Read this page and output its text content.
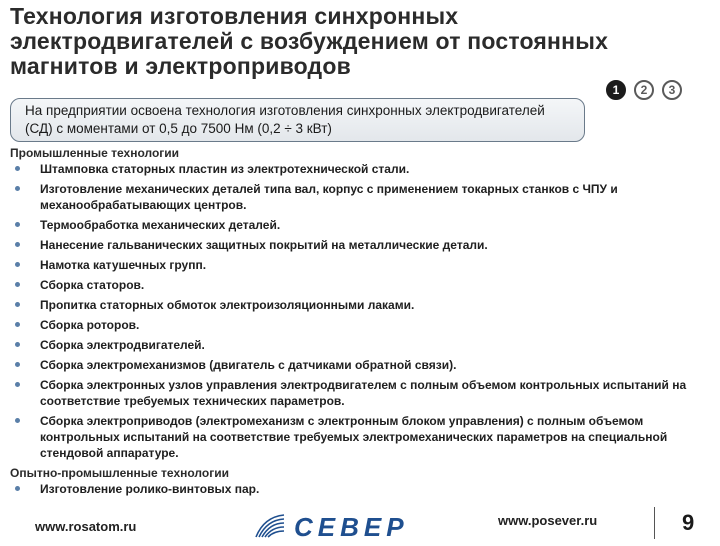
Технология изготовления синхронных электродвигателей с возбуждением от постоянных магнитов и электроприводов
1	2	3
На предприятии освоена технология изготовления синхронных электродвигателей (СД) с моментами от 0,5 до 7500 Нм (0,2 ÷ 3 кВт)
Промышленные технологии
Штамповка статорных пластин из электротехнической стали.
Изготовление механических деталей типа вал, корпус с применением токарных станков с ЧПУ и механообрабатывающих центров.
Термообработка механических деталей.
Нанесение гальванических защитных покрытий на металлические детали.
Намотка катушечных групп.
Сборка статоров.
Пропитка статорных обмоток электроизоляционными лаками.
Сборка роторов.
Сборка электродвигателей.
Сборка электромеханизмов (двигатель с датчиками обратной связи).
Сборка электронных узлов управления электродвигателем с полным объемом контрольных испытаний на соответствие требуемых технических параметров.
Сборка электроприводов (электромеханизм с электронным блоком управления) с полным объемом контрольных испытаний на соответствие требуемых электромеханических параметров на специальной стендовой аппаратуре.
Опытно-промышленные технологии
Изготовление ролико-винтовых пар.
www.rosatom.ru	СЕВЕР	www.posever.ru	9
